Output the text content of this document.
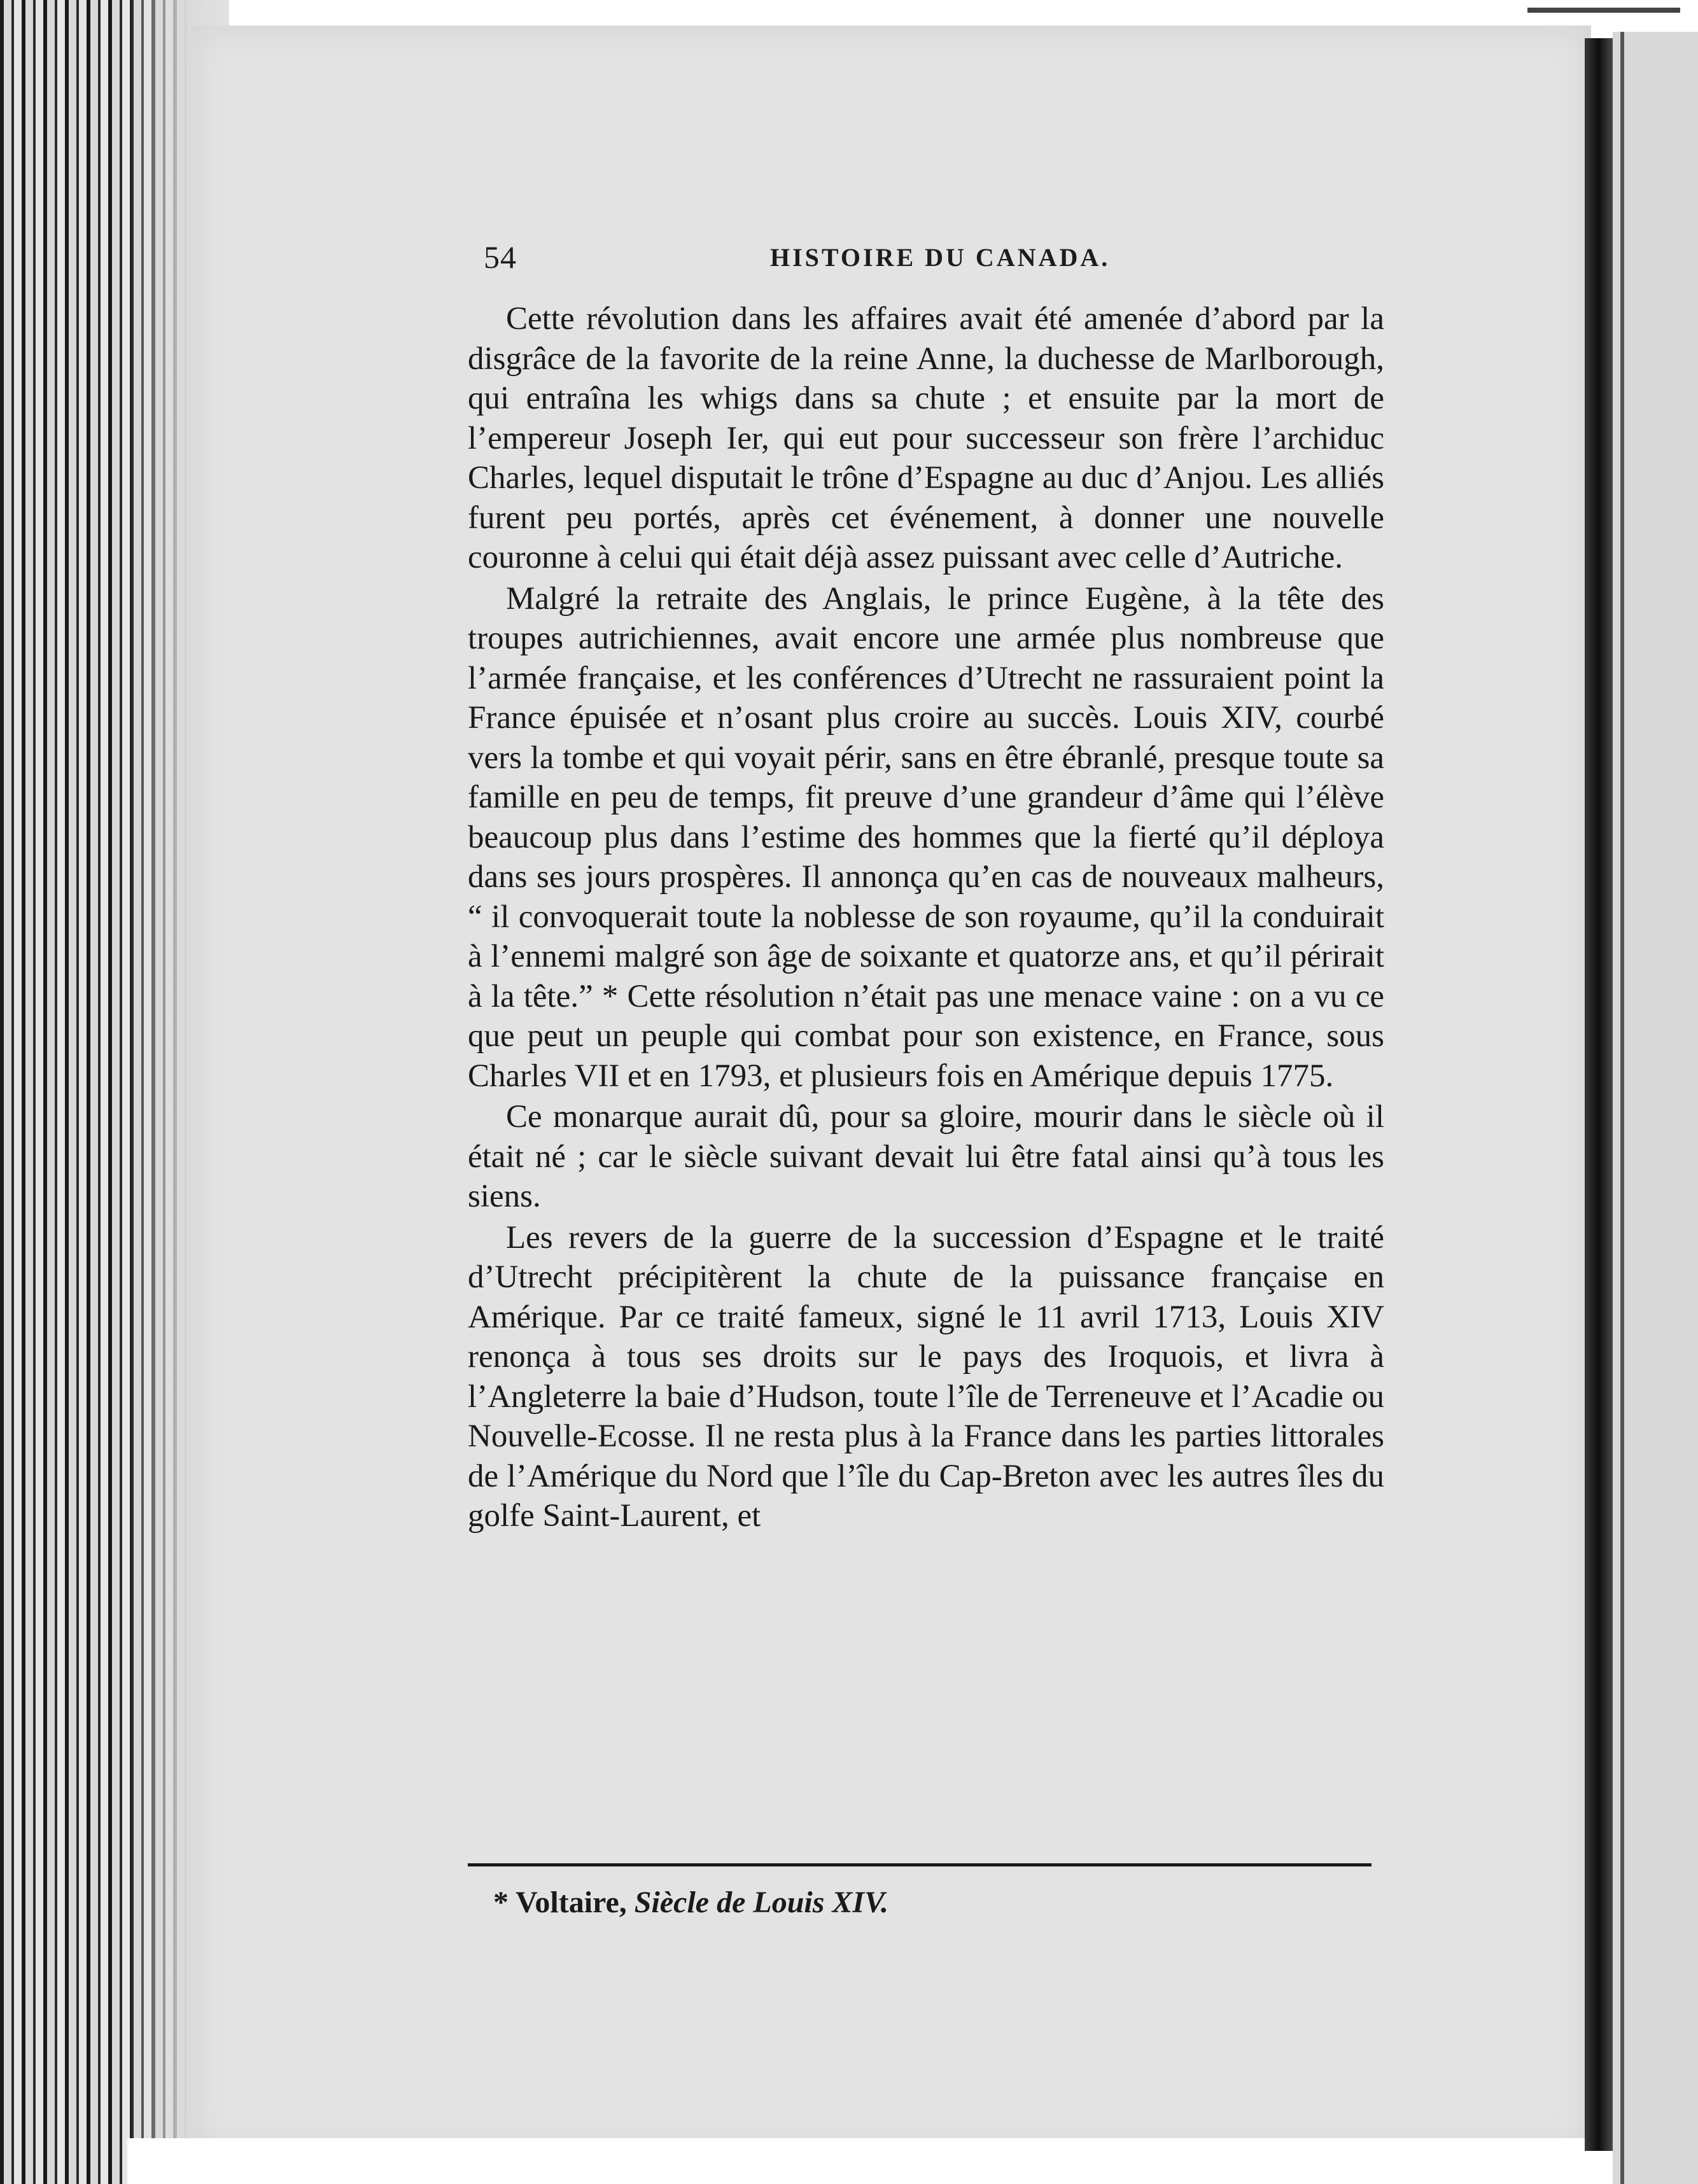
54	HISTOIRE DU CANADA.

Cette révolution dans les affaires avait été amenée d’abord par la disgrâce de la favorite de la reine Anne, la duchesse de Marlborough, qui entraîna les whigs dans sa chute ; et ensuite par la mort de l’empereur Joseph Ier, qui eut pour successeur son frère l’archiduc Charles, lequel disputait le trône d’Espagne au duc d’Anjou. Les alliés furent peu portés, après cet événement, à donner une nouvelle couronne à celui qui était déjà assez puissant avec celle d’Autriche.

Malgré la retraite des Anglais, le prince Eugène, à la tête des troupes autrichiennes, avait encore une armée plus nombreuse que l’armée française, et les conférences d’Utrecht ne rassuraient point la France épuisée et n’osant plus croire au succès. Louis XIV, courbé vers la tombe et qui voyait périr, sans en être ébranlé, presque toute sa famille en peu de temps, fit preuve d’une grandeur d’âme qui l’élève beaucoup plus dans l’estime des hommes que la fierté qu’il déploya dans ses jours prospères. Il annonça qu’en cas de nouveaux malheurs, “ il convoquerait toute la noblesse de son royaume, qu’il la conduirait à l’ennemi malgré son âge de soixante et quatorze ans, et qu’il périrait à la tête.” * Cette résolution n’était pas une menace vaine : on a vu ce que peut un peuple qui combat pour son existence, en France, sous Charles VII et en 1793, et plusieurs fois en Amérique depuis 1775.

Ce monarque aurait dû, pour sa gloire, mourir dans le siècle où il était né ; car le siècle suivant devait lui être fatal ainsi qu’à tous les siens.

Les revers de la guerre de la succession d’Espagne et le traité d’Utrecht précipitèrent la chute de la puissance française en Amérique. Par ce traité fameux, signé le 11 avril 1713, Louis XIV renonça à tous ses droits sur le pays des Iroquois, et livra à l’Angleterre la baie d’Hudson, toute l’île de Terreneuve et l’Acadie ou Nouvelle-Ecosse. Il ne resta plus à la France dans les parties littorales de l’Amérique du Nord que l’île du Cap-Breton avec les autres îles du golfe Saint-Laurent, et

* Voltaire, Siècle de Louis XIV.
